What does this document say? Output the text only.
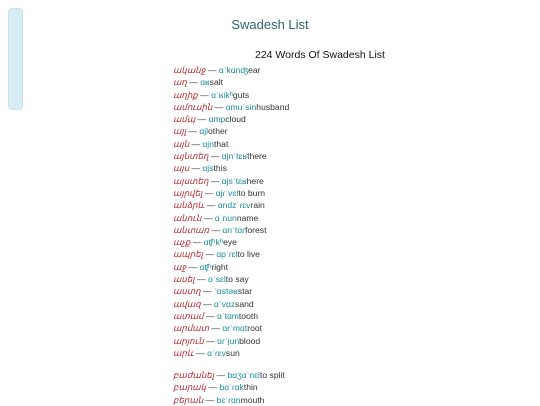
Swadesh List
224 Words Of Swadesh List
ականջ — ⁣ɑˈkɑnʤ⁣ear
աղ — ⁣ɑʁ⁣salt
աղիք — ⁣ɑˈʁikʰ⁣guts
ամուսին — ⁣ɑmuˈsin⁣husband
ամպ — ⁣ɑmp⁣cloud
այլ — ⁣ɑjl⁣other
այն — ⁣ɑjn⁣that
այնտեղ — ⁣ɑjnˈtɛʁ⁣there
այս — ⁣ɑjs⁣this
այստեղ — ⁣ɑjsˈtɛʁ⁣here
այրվել — ⁣ɑjɾˈvɛl⁣to burn
անձրև — ⁣ɑndzˈɾɛv⁣rain
անուն — ⁣ɑˈnun⁣name
անտառ — ⁣ɑnˈtɑɾ⁣forest
աչք — ⁣ɑʧʰkʰ⁣eye
ապրել — ⁣ɑpˈɾɛl⁣to live
աջ — ⁣ɑʧʰ⁣right
ասել — ⁣ɑˈsɛl⁣to say
աստղ — ⁣ˈɑstəʁ⁣star
ավազ — ⁣ɑˈvɑz⁣sand
ատամ — ⁣ɑˈtɑm⁣tooth
արմատ — ⁣ɑɾˈmɑt⁣root
արյուն — ⁣ɑɾˈjun⁣blood
արև — ⁣ɑˈɾɛv⁣sun
բաժանել — ⁣bɑʒɑˈnɛl⁣to split
բարակ — ⁣bɑˈɾɑk⁣thin
բերան — ⁣bɛˈɾɑn⁣mouth
